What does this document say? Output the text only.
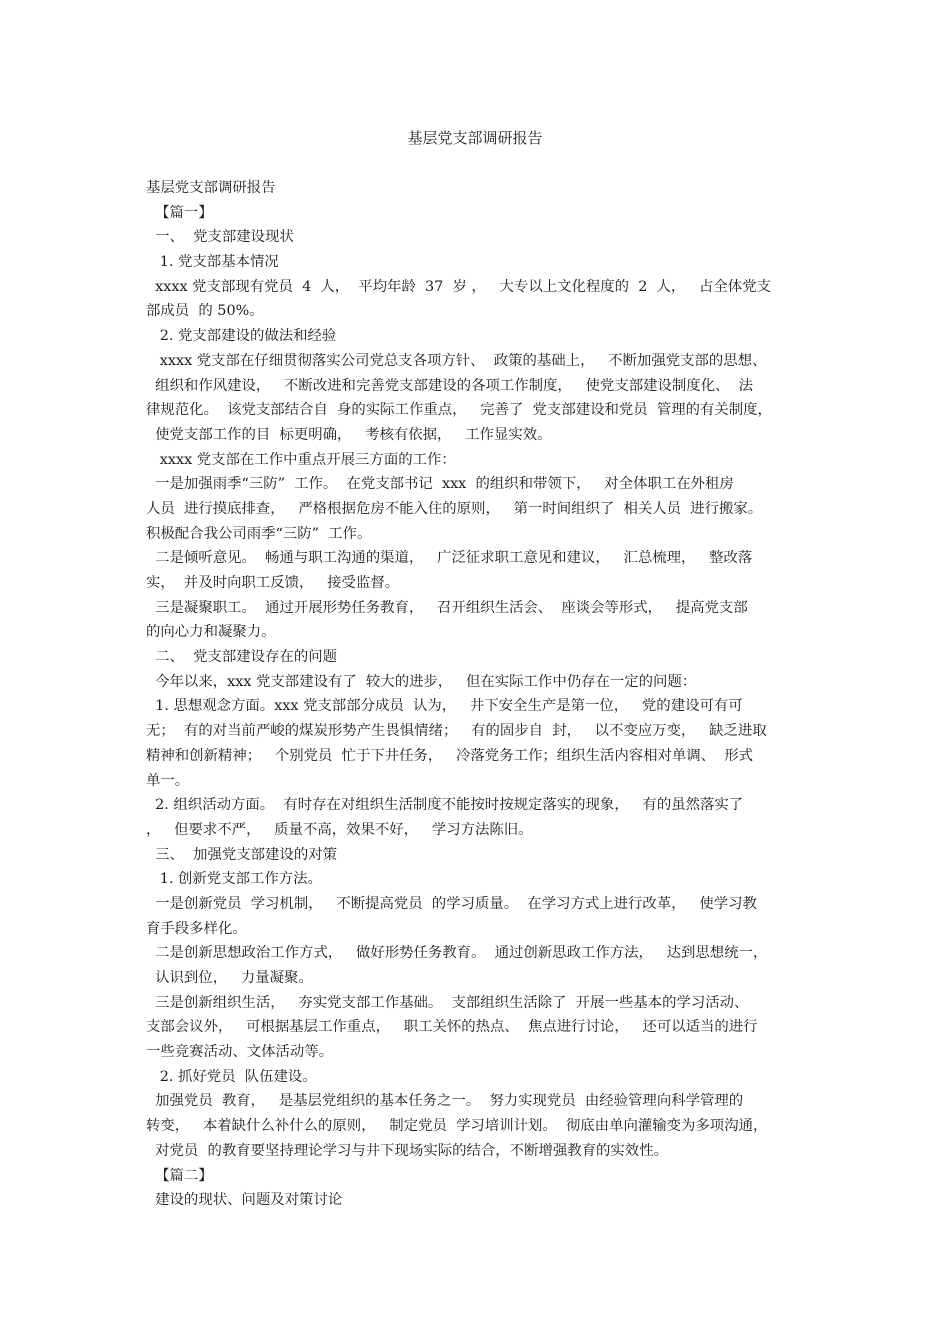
基层党支部调研报告
基层党支部调研报告
【篇一】
一、  党支部建设现状
1. 党支部基本情况
xxxx 党支部现有党员  4  人，  平均年龄  37  岁 ，   大专以上文化程度的  2  人，   占全体党支
部成员  的 50%。
2. 党支部建设的做法和经验
xxxx 党支部在仔细贯彻落实公司党总支各项方针、  政策的基础上，   不断加强党支部的思想、
组织和作风建设，   不断改进和完善党支部建设的各项工作制度，   使党支部建设制度化、  法
律规范化。  该党支部结合自  身的实际工作重点，   完善了  党支部建设和党员  管理的有关制度，
使党支部工作的目  标更明确，   考核有依据，   工作显实效。
xxxx 党支部在工作中重点开展三方面的工作：
一是加强雨季“三防”  工作。  在党支部书记  xxx  的组织和带领下，   对全体职工在外租房
人员  进行摸底排查，   严格根据危房不能入住的原则，   第一时间组织了  相关人员  进行搬家。
积极配合我公司雨季“三防”  工作。
二是倾听意见。  畅通与职工沟通的渠道，   广泛征求职工意见和建议，   汇总梳理，   整改落
实，  并及时向职工反馈，   接受监督。
三是凝聚职工。  通过开展形势任务教育，   召开组织生活会、  座谈会等形式，   提高党支部
的向心力和凝聚力。
二、  党支部建设存在的问题
今年以来，xxx 党支部建设有了  较大的进步，   但在实际工作中仍存在一定的问题：
1. 思想观念方面。xxx 党支部部分成员  认为，   井下安全生产是第一位，   党的建设可有可
无；  有的对当前严峻的煤炭形势产生畏惧情绪；   有的固步自  封，   以不变应万变，   缺乏进取
精神和创新精神；   个别党员  忙于下井任务，   冷落党务工作；组织生活内容相对单调、  形式
单一。
2. 组织活动方面。  有时存在对组织生活制度不能按时按规定落实的现象，   有的虽然落实了
，   但要求不严，   质量不高，效果不好，   学习方法陈旧。
三、  加强党支部建设的对策
1. 创新党支部工作方法。
一是创新党员  学习机制，   不断提高党员  的学习质量。  在学习方式上进行改革，   使学习教
育手段多样化。
二是创新思想政治工作方式，   做好形势任务教育。  通过创新思政工作方法，   达到思想统一，
认识到位，   力量凝聚。
三是创新组织生活，   夯实党支部工作基础。  支部组织生活除了  开展一些基本的学习活动、
支部会议外，   可根据基层工作重点，   职工关怀的热点、  焦点进行讨论，   还可以适当的进行
一些竞赛活动、文体活动等。
2. 抓好党员  队伍建设。
加强党员  教育，   是基层党组织的基本任务之一。  努力实现党员  由经验管理向科学管理的
转变，   本着缺什么补什么的原则，   制定党员  学习培训计划。  彻底由单向灌输变为多项沟通，
对党员  的教育要坚持理论学习与井下现场实际的结合，不断增强教育的实效性。
【篇二】
建设的现状、问题及对策讨论
